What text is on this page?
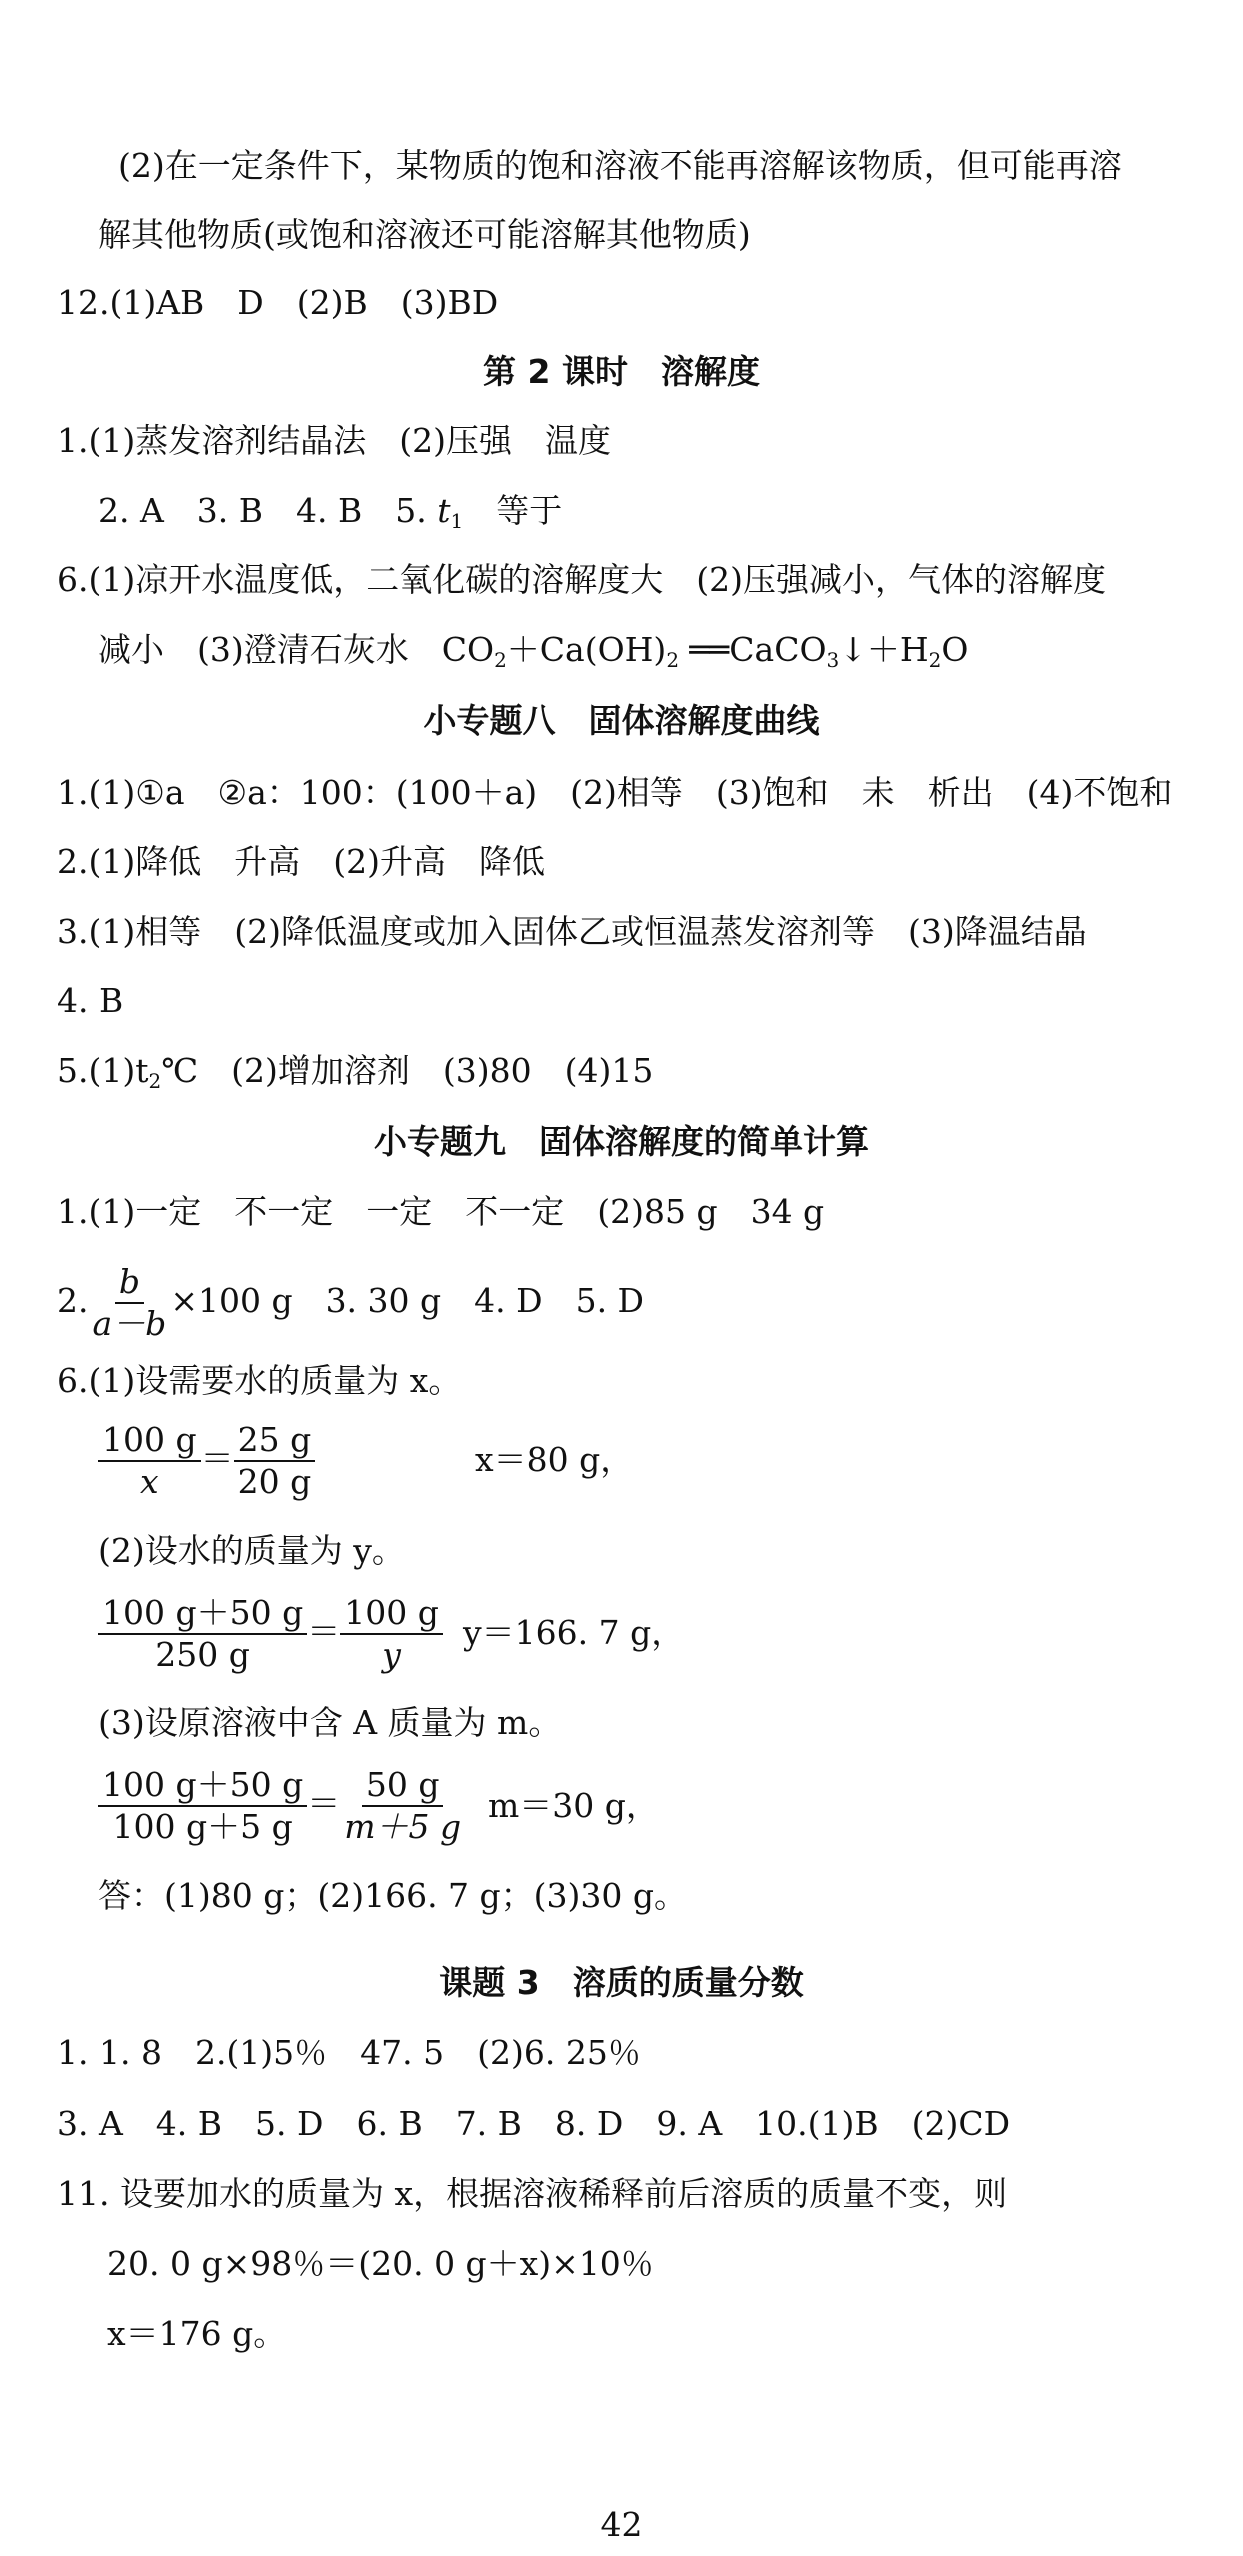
(2)在一定条件下，某物质的饱和溶液不能再溶解该物质，但可能再溶
解其他物质(或饱和溶液还可能溶解其他物质)
12.(1)AB　D　(2)B　(3)BD
第 2 课时　溶解度
1.(1)蒸发溶剂结晶法　(2)压强　温度
2. A　3. B　4. B　5. $t_1$　等于
6.(1)凉开水温度低，二氧化碳的溶解度大　(2)压强减小，气体的溶解度
减小　(3)澄清石灰水　$CO_2+Ca(OH)_2$ $══CaCO_3↓+H_2O$
小专题八　固体溶解度曲线
1.(1)①a　②a：100：(100＋a)　(2)相等　(3)饱和　未　析出　(4)不饱和
2.(1)降低　升高　(2)升高　降低
3.(1)相等　(2)降低温度或加入固体乙或恒温蒸发溶剂等　(3)降温结晶
4. B
$5.(1)t_2℃$　(2)增加溶剂　(3)80　(4)15
小专题九　固体溶解度的简单计算
1.(1)一定　不一定　一定　不一定　(2)85 g　34 g
2. $\frac{b}{a-b} \times 100$ g　3. 30 g　4. D　5. D
6.(1)设需要水的质量为 x。
$\frac{100 g}{x} = \frac{25 g}{20 g}$	x＝80 g，
(2)设水的质量为 y。
$\frac{100 g+50 g}{250 g} = \frac{100 g}{y} y=166$. 7 g，
(3)设原溶液中含 A 质量为 m。
$\frac{100 g+50 g}{100 g+5 g} = \frac{50 g}{m+5 g} m=30$ g，
答：(1)80 g；(2)166. 7 g；(3)30 g。
课题 3　溶质的质量分数
1. 1. 8　2.(1)5％　47. 5　(2)6. 25％
3. A　4. B　5. D　6. B　7. B　8. D　9. A　10.(1)B　(2)CD
11. 设要加水的质量为 x，根据溶液稀释前后溶质的质量不变，则
20. 0 g×98％＝(20. 0 g＋x)×10％
x＝176 g。
42
